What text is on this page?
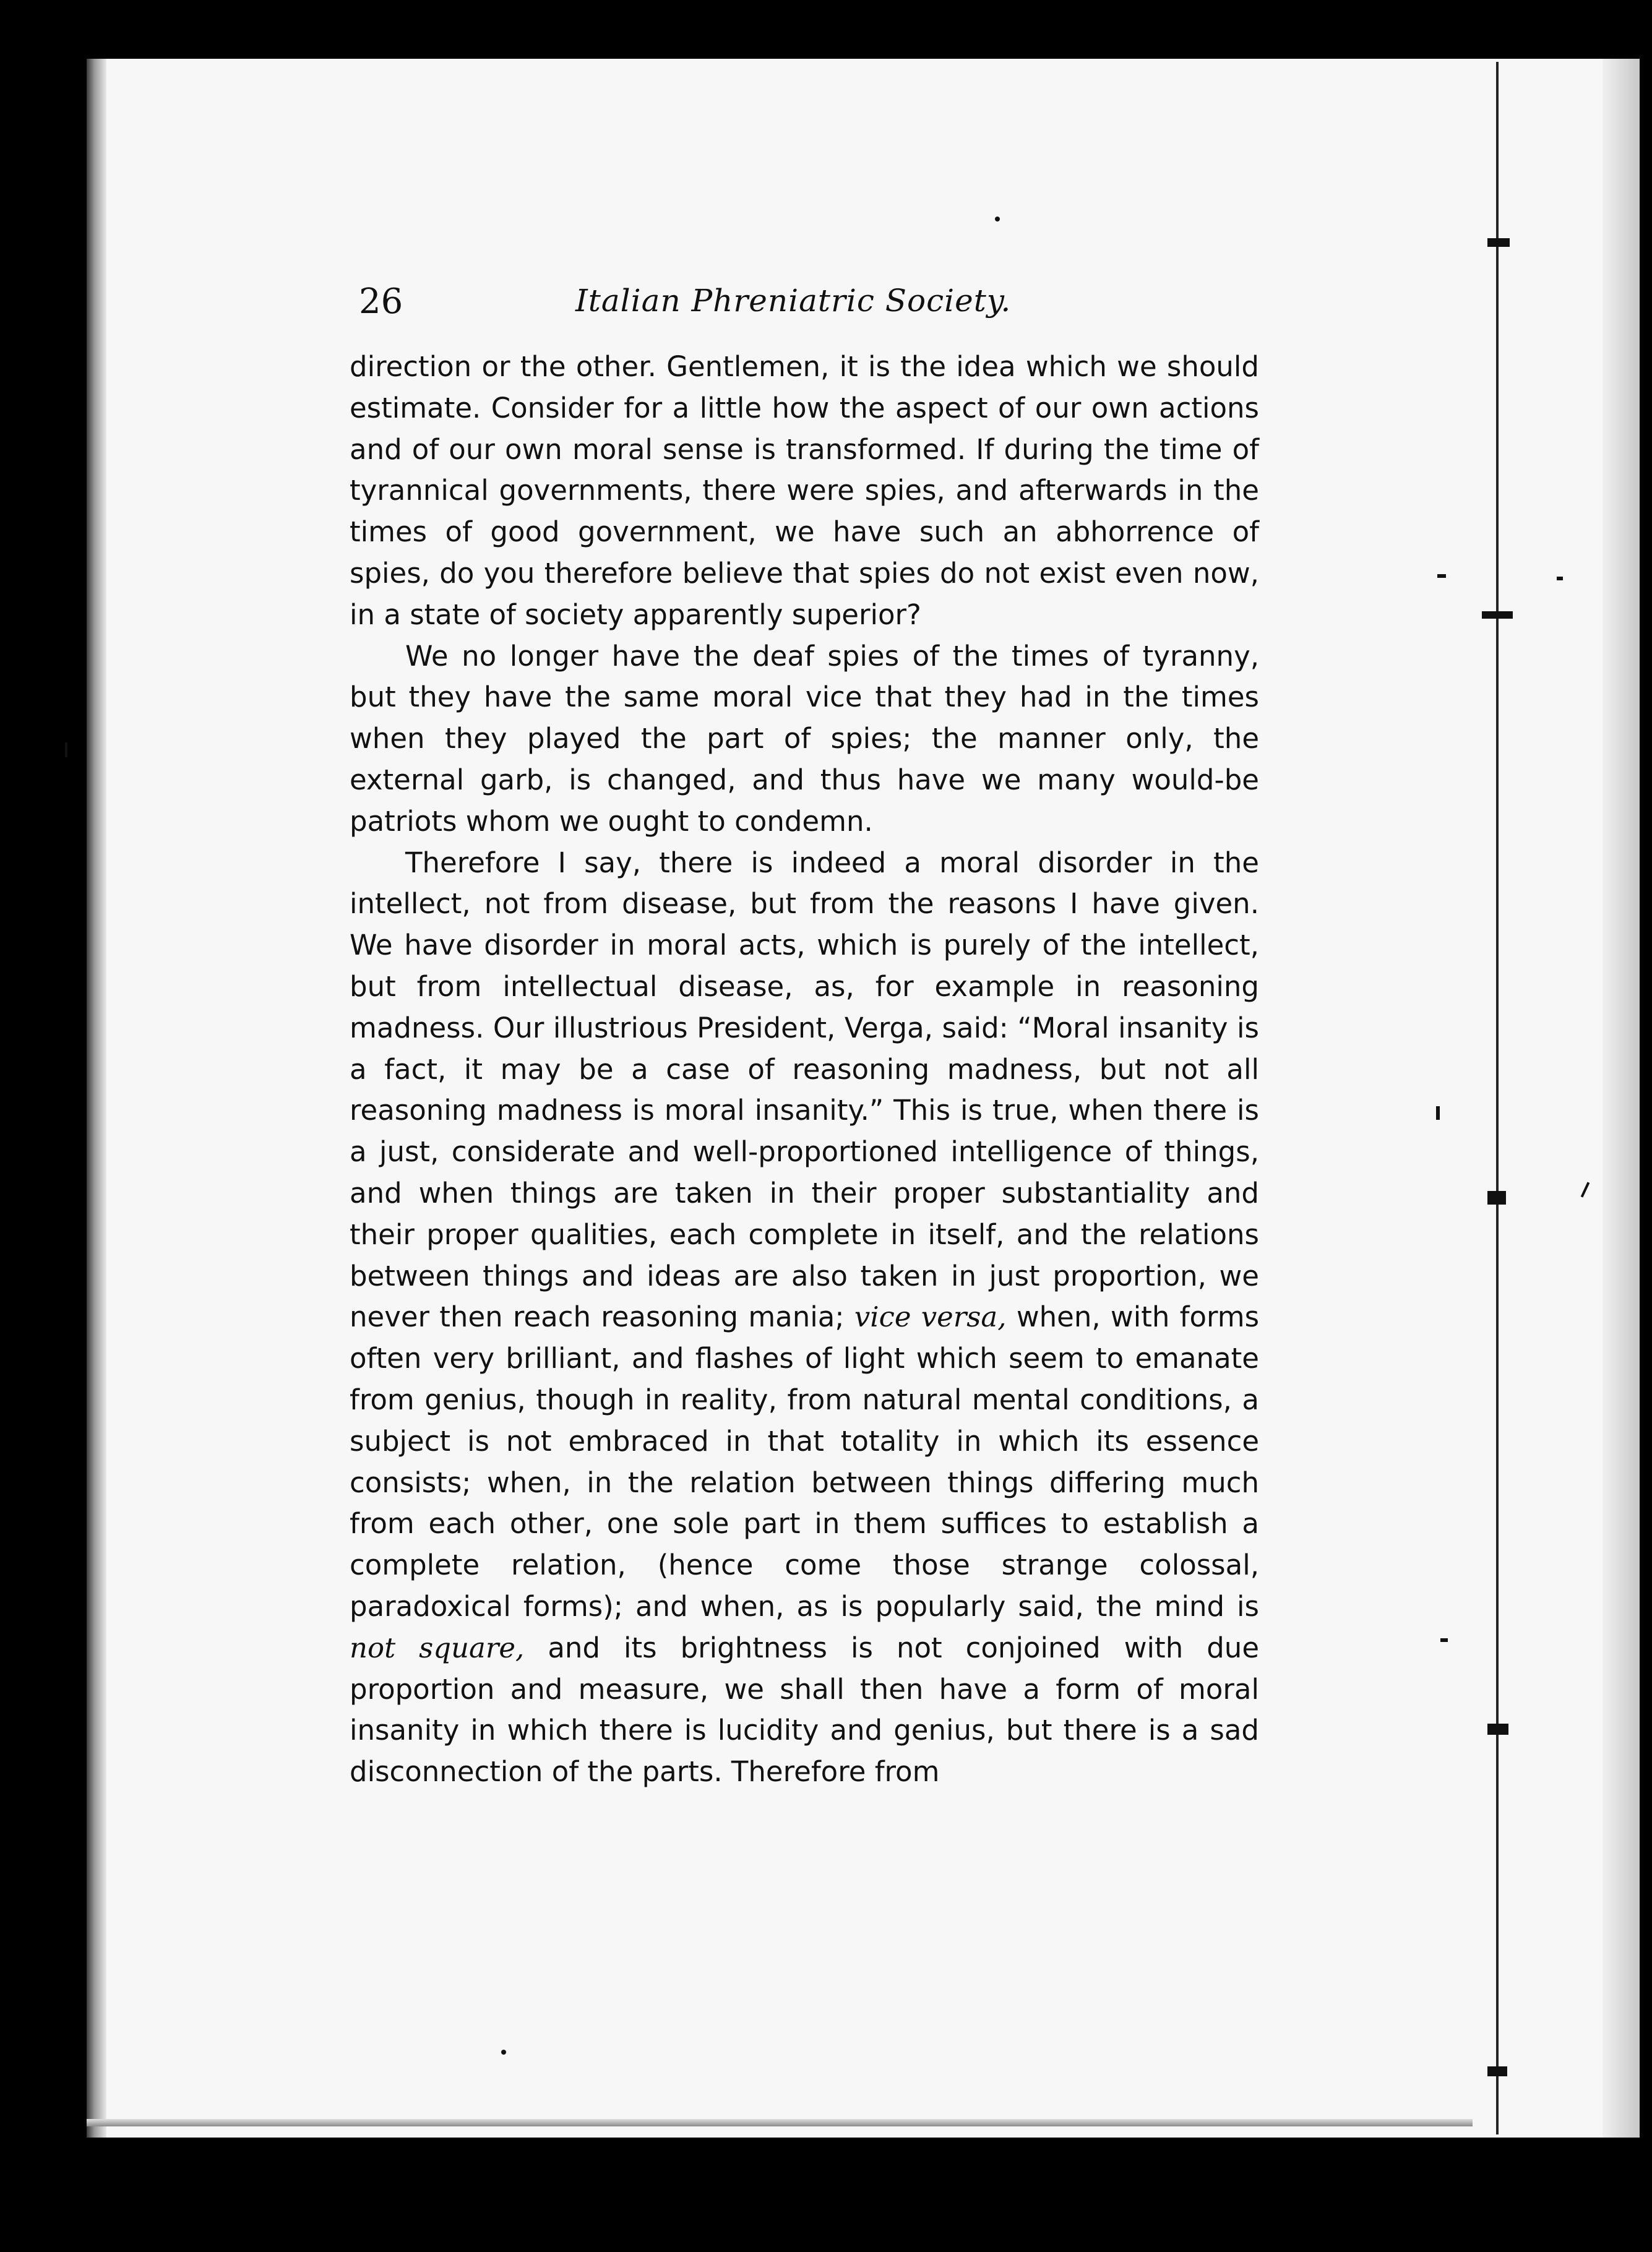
26	Italian Phreniatric Society.

direction or the other. Gentlemen, it is the idea which we should estimate. Consider for a little how the aspect of our own actions and of our own moral sense is transformed. If during the time of tyrannical governments, there were spies, and afterwards in the times of good government, we have such an abhorrence of spies, do you therefore believe that spies do not exist even now, in a state of society apparently superior?

We no longer have the deaf spies of the times of tyranny, but they have the same moral vice that they had in the times when they played the part of spies; the manner only, the external garb, is changed, and thus have we many would-be patriots whom we ought to condemn.

Therefore I say, there is indeed a moral disorder in the intellect, not from disease, but from the reasons I have given. We have disorder in moral acts, which is purely of the intellect, but from intellectual disease, as, for example in reasoning madness. Our illustrious President, Verga, said: “Moral insanity is a fact, it may be a case of reasoning madness, but not all reasoning madness is moral insanity.” This is true, when there is a just, considerate and well-proportioned intelligence of things, and when things are taken in their proper substantiality and their proper qualities, each complete in itself, and the relations between things and ideas are also taken in just proportion, we never then reach reasoning mania; vice versa, when, with forms often very brilliant, and flashes of light which seem to emanate from genius, though in reality, from natural mental conditions, a subject is not embraced in that totality in which its essence consists; when, in the relation between things differing much from each other, one sole part in them suffices to establish a complete relation, (hence come those strange colossal, paradoxical forms); and when, as is popularly said, the mind is not square, and its brightness is not conjoined with due proportion and measure, we shall then have a form of moral insanity in which there is lucidity and genius, but there is a sad disconnection of the parts. Therefore from
